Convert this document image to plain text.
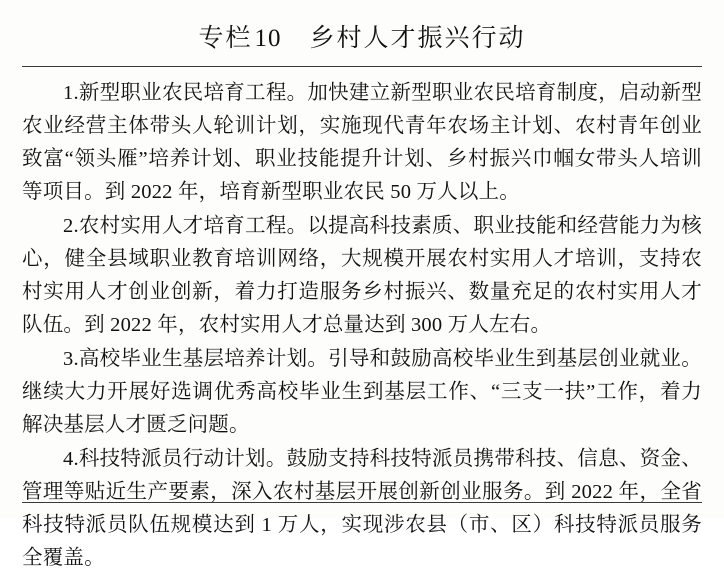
专栏10 乡村人才振兴行动

1.新型职业农民培育工程。加快建立新型职业农民培育制度，启动新型农业经营主体带头人轮训计划，实施现代青年农场主计划、农村青年创业致富“领头雁”培养计划、职业技能提升计划、乡村振兴巾帼女带头人培训等项目。到 2022 年，培育新型职业农民 50 万人以上。

2.农村实用人才培育工程。以提高科技素质、职业技能和经营能力为核心，健全县域职业教育培训网络，大规模开展农村实用人才培训，支持农村实用人才创业创新，着力打造服务乡村振兴、数量充足的农村实用人才队伍。到 2022 年，农村实用人才总量达到 300 万人左右。

3.高校毕业生基层培养计划。引导和鼓励高校毕业生到基层创业就业。继续大力开展好选调优秀高校毕业生到基层工作、“三支一扶”工作，着力解决基层人才匮乏问题。

4.科技特派员行动计划。鼓励支持科技特派员携带科技、信息、资金、管理等贴近生产要素，深入农村基层开展创新创业服务。到 2022 年，全省科技特派员队伍规模达到 1 万人，实现涉农县（市、区）科技特派员服务全覆盖。
